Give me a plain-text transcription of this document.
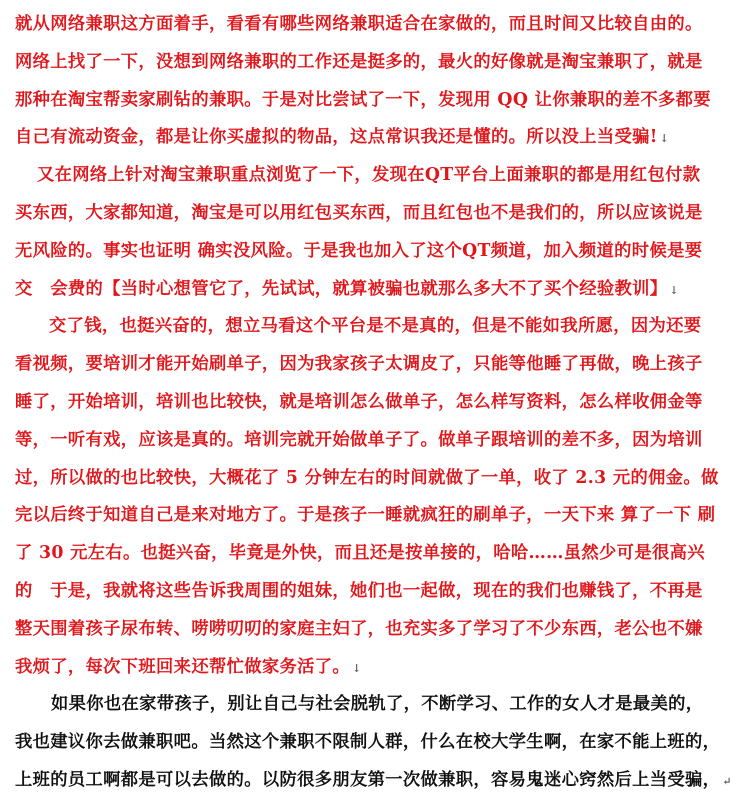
就从网络兼职这方面着手，看看有哪些网络兼职适合在家做的，而且时间又比较自由的。
网络上找了一下，没想到网络兼职的工作还是挺多的，最火的好像就是淘宝兼职了，就是
那种在淘宝帮卖家刷钻的兼职。于是对比尝试了一下，发现用 QQ 让你兼职的差不多都要
自己有流动资金，都是让你买虚拟的物品，这点常识我还是懂的。所以没上当受骗! ↓
又在网络上针对淘宝兼职重点浏览了一下，发现在QT平台上面兼职的都是用红包付款
买东西，大家都知道，淘宝是可以用红包买东西，而且红包也不是我们的，所以应该说是
无风险的。事实也证明 确实没风险。于是我也加入了这个QT频道，加入频道的时候是要
交　会费的【当时心想管它了，先试试，就算被骗也就那么多大不了买个经验教训】 ↓
交了钱，也挺兴奋的，想立马看这个平台是不是真的，但是不能如我所愿，因为还要
看视频，要培训才能开始刷单子，因为我家孩子太调皮了，只能等他睡了再做，晚上孩子
睡了，开始培训，培训也比较快，就是培训怎么做单子，怎么样写资料，怎么样收佣金等
等，一听有戏，应该是真的。培训完就开始做单子了。做单子跟培训的差不多，因为培训
过，所以做的也比较快，大概花了 5 分钟左右的时间就做了一单，收了 2.3 元的佣金。做
完以后终于知道自己是来对地方了。于是孩子一睡就疯狂的刷单子，一天下来 算了一下 刷
了 30 元左右。也挺兴奋，毕竟是外快，而且还是按单接的，哈哈……虽然少可是很高兴
的　于是，我就将这些告诉我周围的姐妹，她们也一起做，现在的我们也赚钱了，不再是
整天围着孩子尿布转、唠唠叨叨的家庭主妇了，也充实多了学习了不少东西，老公也不嫌
我烦了，每次下班回来还帮忙做家务活了。 ↓
如果你也在家带孩子，别让自己与社会脱轨了，不断学习、工作的女人才是最美的，
我也建议你去做兼职吧。当然这个兼职不限制人群，什么在校大学生啊，在家不能上班的，
上班的员工啊都是可以去做的。以防很多朋友第一次做兼职，容易鬼迷心窍然后上当受骗， ↵
